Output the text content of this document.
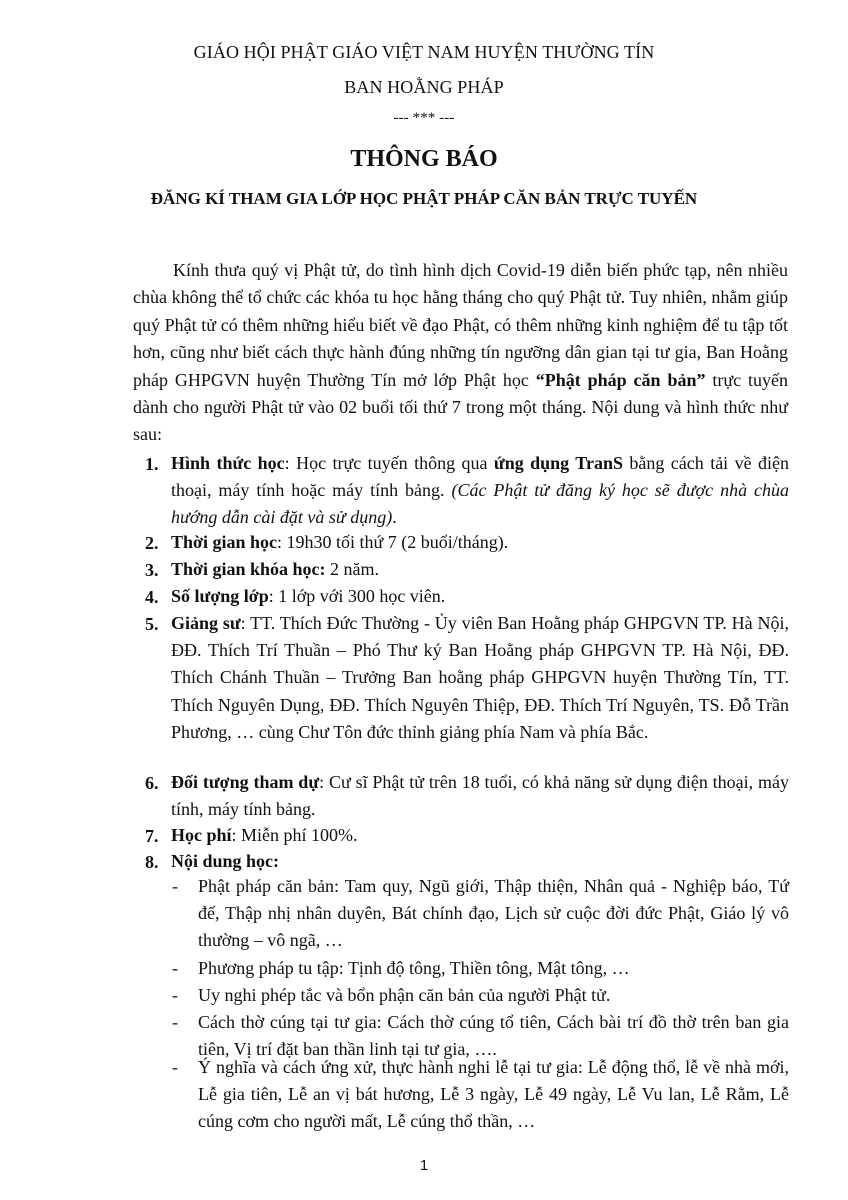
GIÁO HỘI PHẬT GIÁO VIỆT NAM HUYỆN THƯỜNG TÍN
BAN HOẰNG PHÁP
--- *** ---
THÔNG BÁO
ĐĂNG KÍ THAM GIA LỚP HỌC PHẬT PHÁP CĂN BẢN TRỰC TUYẾN

Kính thưa quý vị Phật tử, do tình hình dịch Covid-19 diễn biến phức tạp, nên nhiều chùa không thể tổ chức các khóa tu học hằng tháng cho quý Phật tử. Tuy nhiên, nhằm giúp quý Phật tử có thêm những hiểu biết về đạo Phật, có thêm những kinh nghiệm để tu tập tốt hơn, cũng như biết cách thực hành đúng những tín ngưỡng dân gian tại tư gia, Ban Hoằng pháp GHPGVN huyện Thường Tín mở lớp Phật học “Phật pháp căn bản” trực tuyến dành cho người Phật tử vào 02 buổi tối thứ 7 trong một tháng. Nội dung và hình thức như sau:

1. Hình thức học: Học trực tuyến thông qua ứng dụng TranS bằng cách tải về điện thoại, máy tính hoặc máy tính bảng. (Các Phật tử đăng ký học sẽ được nhà chùa hướng dẫn cài đặt và sử dụng).
2. Thời gian học: 19h30 tối thứ 7 (2 buổi/tháng).
3. Thời gian khóa học: 2 năm.
4. Số lượng lớp: 1 lớp với 300 học viên.
5. Giảng sư: TT. Thích Đức Thường - Ủy viên Ban Hoằng pháp GHPGVN TP. Hà Nội, ĐĐ. Thích Trí Thuần – Phó Thư ký Ban Hoằng pháp GHPGVN TP. Hà Nội, ĐĐ. Thích Chánh Thuần – Trưởng Ban hoằng pháp GHPGVN huyện Thường Tín, TT. Thích Nguyên Dụng, ĐĐ. Thích Nguyên Thiệp, ĐĐ. Thích Trí Nguyên, TS. Đỗ Trần Phương, … cùng Chư Tôn đức thỉnh giảng phía Nam và phía Bắc.
6. Đối tượng tham dự: Cư sĩ Phật tử trên 18 tuổi, có khả năng sử dụng điện thoại, máy tính, máy tính bảng.
7. Học phí: Miễn phí 100%.
8. Nội dung học:
- Phật pháp căn bản: Tam quy, Ngũ giới, Thập thiện, Nhân quả - Nghiệp báo, Tứ đế, Thập nhị nhân duyên, Bát chính đạo, Lịch sử cuộc đời đức Phật, Giáo lý vô thường – vô ngã, …
- Phương pháp tu tập: Tịnh độ tông, Thiền tông, Mật tông, …
- Uy nghi phép tắc và bổn phận căn bản của người Phật tử.
- Cách thờ cúng tại tư gia: Cách thờ cúng tổ tiên, Cách bài trí đồ thờ trên ban gia tiên, Vị trí đặt ban thần linh tại tư gia, ….
- Ý nghĩa và cách ứng xử, thực hành nghi lễ tại tư gia: Lễ động thổ, lễ về nhà mới, Lễ gia tiên, Lễ an vị bát hương, Lễ 3 ngày, Lễ 49 ngày, Lễ Vu lan, Lễ Rằm, Lễ cúng cơm cho người mất, Lễ cúng thổ thần, …
1
